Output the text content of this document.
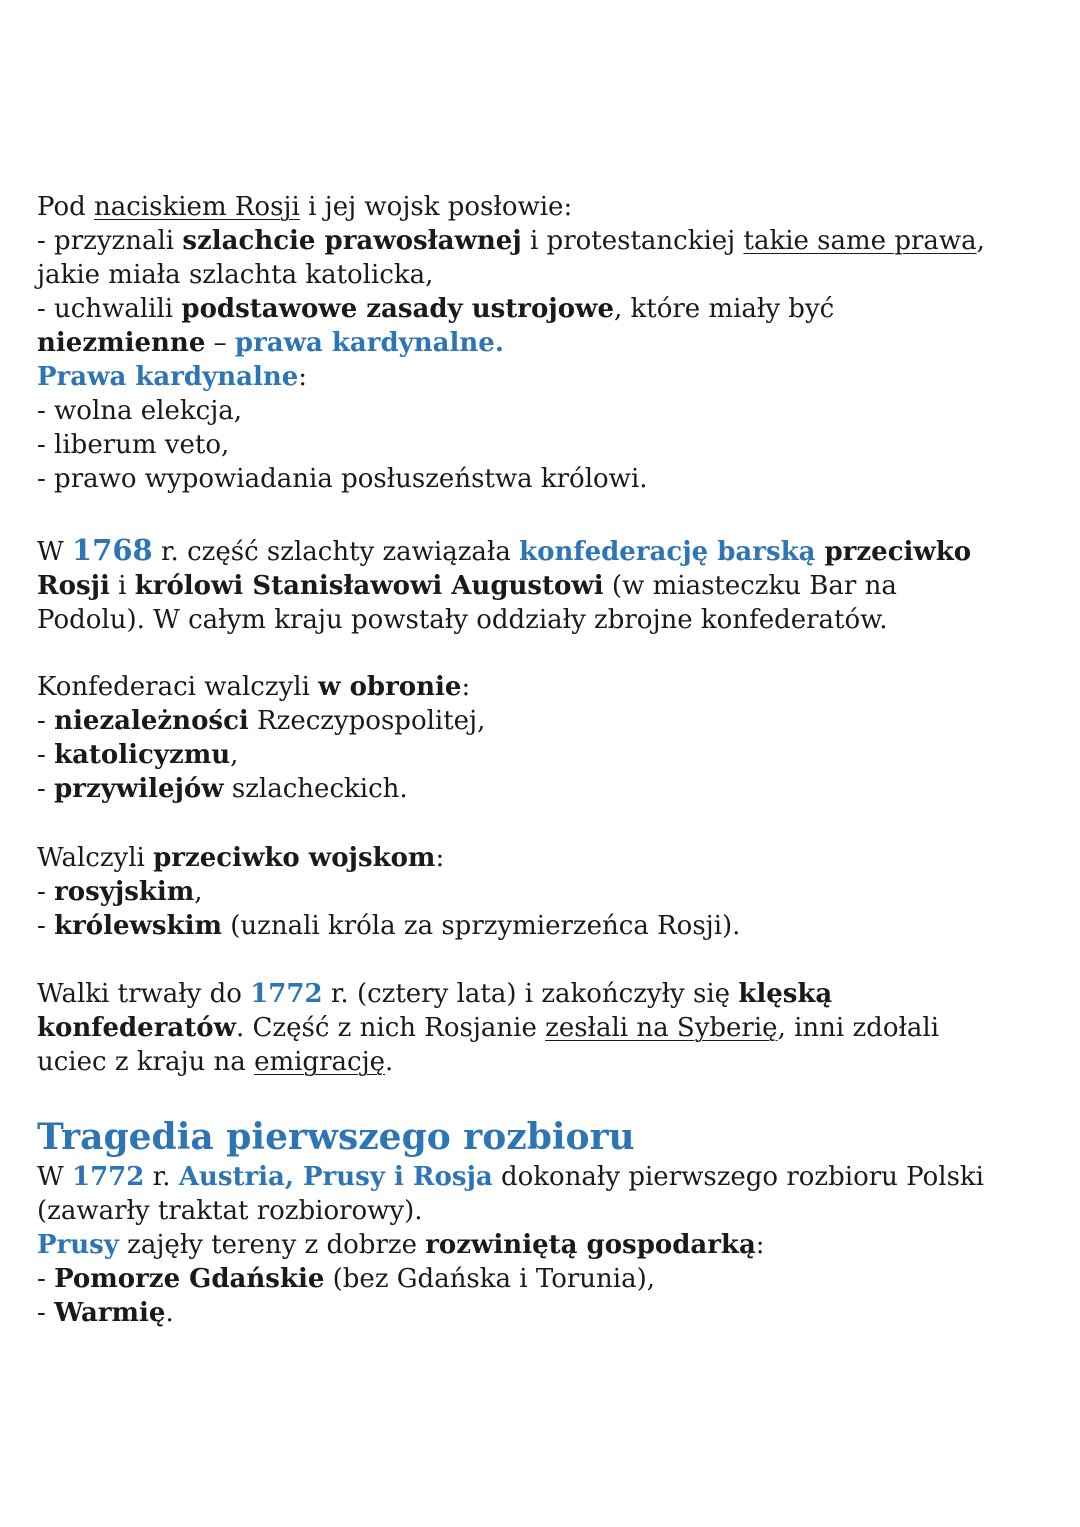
Pod naciskiem Rosji i jej wojsk posłowie:
- przyznali szlachcie prawosławnej i protestanckiej takie same prawa,
jakie miała szlachta katolicka,
- uchwalili podstawowe zasady ustrojowe, które miały być
niezmienne – prawa kardynalne.
Prawa kardynalne:
- wolna elekcja,
- liberum veto,
- prawo wypowiadania posłuszeństwa królowi.
W 1768 r. część szlachty zawiązała konfederację barską przeciwko
Rosji i królowi Stanisławowi Augustowi (w miasteczku Bar na
Podolu). W całym kraju powstały oddziały zbrojne konfederatów.
Konfederaci walczyli w obronie:
- niezależności Rzeczypospolitej,
- katolicyzmu,
- przywilejów szlacheckich.
Walczyli przeciwko wojskom:
- rosyjskim,
- królewskim (uznali króla za sprzymierzeńca Rosji).
Walki trwały do 1772 r. (cztery lata) i zakończyły się klęską
konfederatów. Część z nich Rosjanie zesłali na Syberię, inni zdołali
uciec z kraju na emigrację.
Tragedia pierwszego rozbioru
W 1772 r. Austria, Prusy i Rosja dokonały pierwszego rozbioru Polski
(zawarły traktat rozbiorowy).
Prusy zajęły tereny z dobrze rozwiniętą gospodarką:
- Pomorze Gdańskie (bez Gdańska i Torunia),
- Warmię.
